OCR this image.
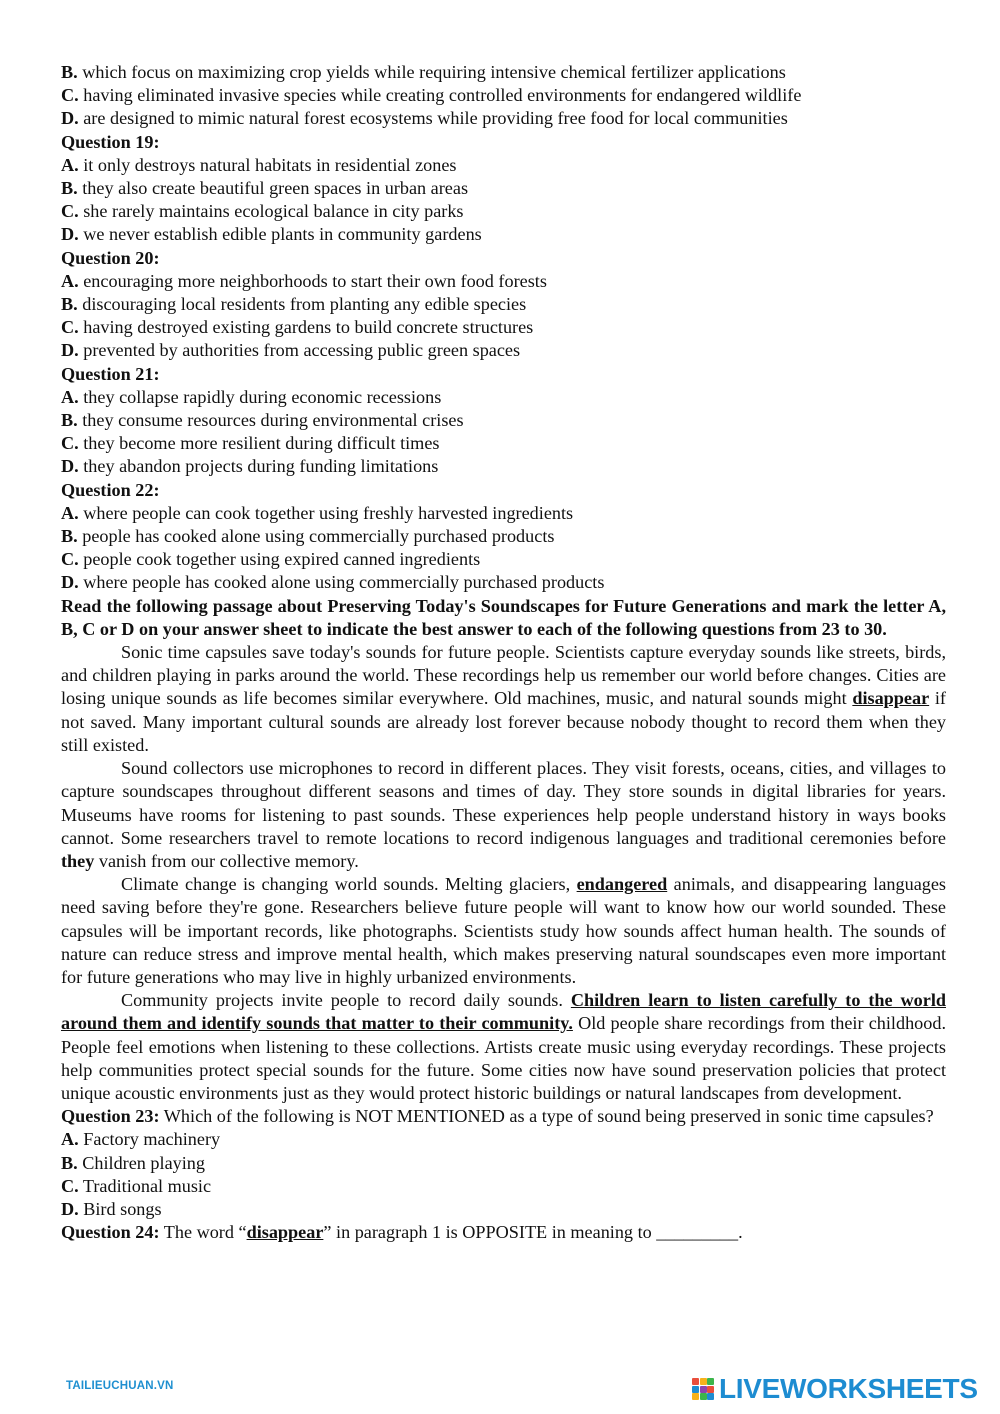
B. which focus on maximizing crop yields while requiring intensive chemical fertilizer applications
C. having eliminated invasive species while creating controlled environments for endangered wildlife
D. are designed to mimic natural forest ecosystems while providing free food for local communities
Question 19:
A. it only destroys natural habitats in residential zones
B. they also create beautiful green spaces in urban areas
C. she rarely maintains ecological balance in city parks
D. we never establish edible plants in community gardens
Question 20:
A. encouraging more neighborhoods to start their own food forests
B. discouraging local residents from planting any edible species
C. having destroyed existing gardens to build concrete structures
D. prevented by authorities from accessing public green spaces
Question 21:
A. they collapse rapidly during economic recessions
B. they consume resources during environmental crises
C. they become more resilient during difficult times
D. they abandon projects during funding limitations
Question 22:
A. where people can cook together using freshly harvested ingredients
B. people has cooked alone using commercially purchased products
C. people cook together using expired canned ingredients
D. where people has cooked alone using commercially purchased products

Read the following passage about Preserving Today's Soundscapes for Future Generations and mark the letter A, B, C or D on your answer sheet to indicate the best answer to each of the following questions from 23 to 30.

Sonic time capsules save today's sounds for future people. Scientists capture everyday sounds like streets, birds, and children playing in parks around the world. These recordings help us remember our world before changes. Cities are losing unique sounds as life becomes similar everywhere. Old machines, music, and natural sounds might disappear if not saved. Many important cultural sounds are already lost forever because nobody thought to record them when they still existed.

Sound collectors use microphones to record in different places. They visit forests, oceans, cities, and villages to capture soundscapes throughout different seasons and times of day. They store sounds in digital libraries for years. Museums have rooms for listening to past sounds. These experiences help people understand history in ways books cannot. Some researchers travel to remote locations to record indigenous languages and traditional ceremonies before they vanish from our collective memory.

Climate change is changing world sounds. Melting glaciers, endangered animals, and disappearing languages need saving before they're gone. Researchers believe future people will want to know how our world sounded. These capsules will be important records, like photographs. Scientists study how sounds affect human health. The sounds of nature can reduce stress and improve mental health, which makes preserving natural soundscapes even more important for future generations who may live in highly urbanized environments.

Community projects invite people to record daily sounds. Children learn to listen carefully to the world around them and identify sounds that matter to their community. Old people share recordings from their childhood. People feel emotions when listening to these collections. Artists create music using everyday recordings. These projects help communities protect special sounds for the future. Some cities now have sound preservation policies that protect unique acoustic environments just as they would protect historic buildings or natural landscapes from development.

Question 23: Which of the following is NOT MENTIONED as a type of sound being preserved in sonic time capsules?

A. Factory machinery
B. Children playing
C. Traditional music
D. Bird songs
Question 24: The word “disappear” in paragraph 1 is OPPOSITE in meaning to _________.
TAILIEUCHUAN.VN	LIVEWORKSHEETS
